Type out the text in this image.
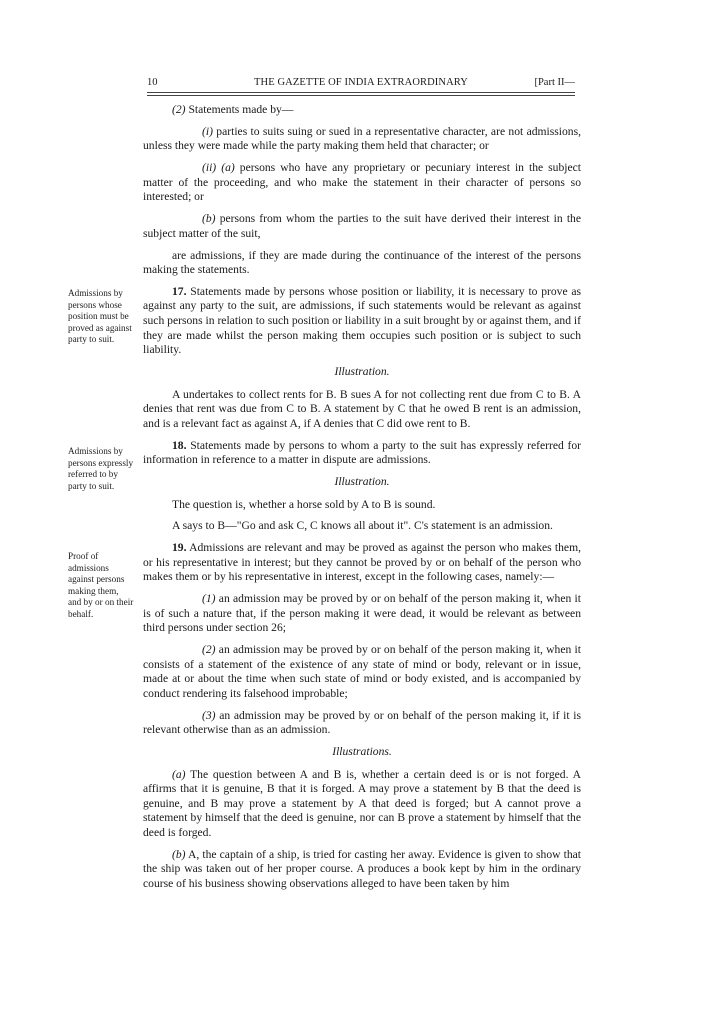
10	THE GAZETTE OF INDIA EXTRAORDINARY	[Part II—
Admissions by persons whose position must be proved as against party to suit.
Admissions by persons expressly referred to by party to suit.
Proof of admissions against persons making them, and by or on their behalf.

(2) Statements made by—

(i) parties to suits suing or sued in a representative character, are not admissions, unless they were made while the party making them held that character; or

(ii) (a) persons who have any proprietary or pecuniary interest in the subject matter of the proceeding, and who make the statement in their character of persons so interested; or

(b) persons from whom the parties to the suit have derived their interest in the subject matter of the suit,

are admissions, if they are made during the continuance of the interest of the persons making the statements.

17. Statements made by persons whose position or liability, it is necessary to prove as against any party to the suit, are admissions, if such statements would be relevant as against such persons in relation to such position or liability in a suit brought by or against them, and if they are made whilst the person making them occupies such position or is subject to such liability.

Illustration.

A undertakes to collect rents for B. B sues A for not collecting rent due from C to B. A denies that rent was due from C to B. A statement by C that he owed B rent is an admission, and is a relevant fact as against A, if A denies that C did owe rent to B.

18. Statements made by persons to whom a party to the suit has expressly referred for information in reference to a matter in dispute are admissions.

Illustration.

The question is, whether a horse sold by A to B is sound.

A says to B—"Go and ask C, C knows all about it". C's statement is an admission.

19. Admissions are relevant and may be proved as against the person who makes them, or his representative in interest; but they cannot be proved by or on behalf of the person who makes them or by his representative in interest, except in the following cases, namely:—

(1) an admission may be proved by or on behalf of the person making it, when it is of such a nature that, if the person making it were dead, it would be relevant as between third persons under section 26;

(2) an admission may be proved by or on behalf of the person making it, when it consists of a statement of the existence of any state of mind or body, relevant or in issue, made at or about the time when such state of mind or body existed, and is accompanied by conduct rendering its falsehood improbable;

(3) an admission may be proved by or on behalf of the person making it, if it is relevant otherwise than as an admission.

Illustrations.

(a) The question between A and B is, whether a certain deed is or is not forged. A affirms that it is genuine, B that it is forged. A may prove a statement by B that the deed is genuine, and B may prove a statement by A that deed is forged; but A cannot prove a statement by himself that the deed is genuine, nor can B prove a statement by himself that the deed is forged.

(b) A, the captain of a ship, is tried for casting her away. Evidence is given to show that the ship was taken out of her proper course. A produces a book kept by him in the ordinary course of his business showing observations alleged to have been taken by him
